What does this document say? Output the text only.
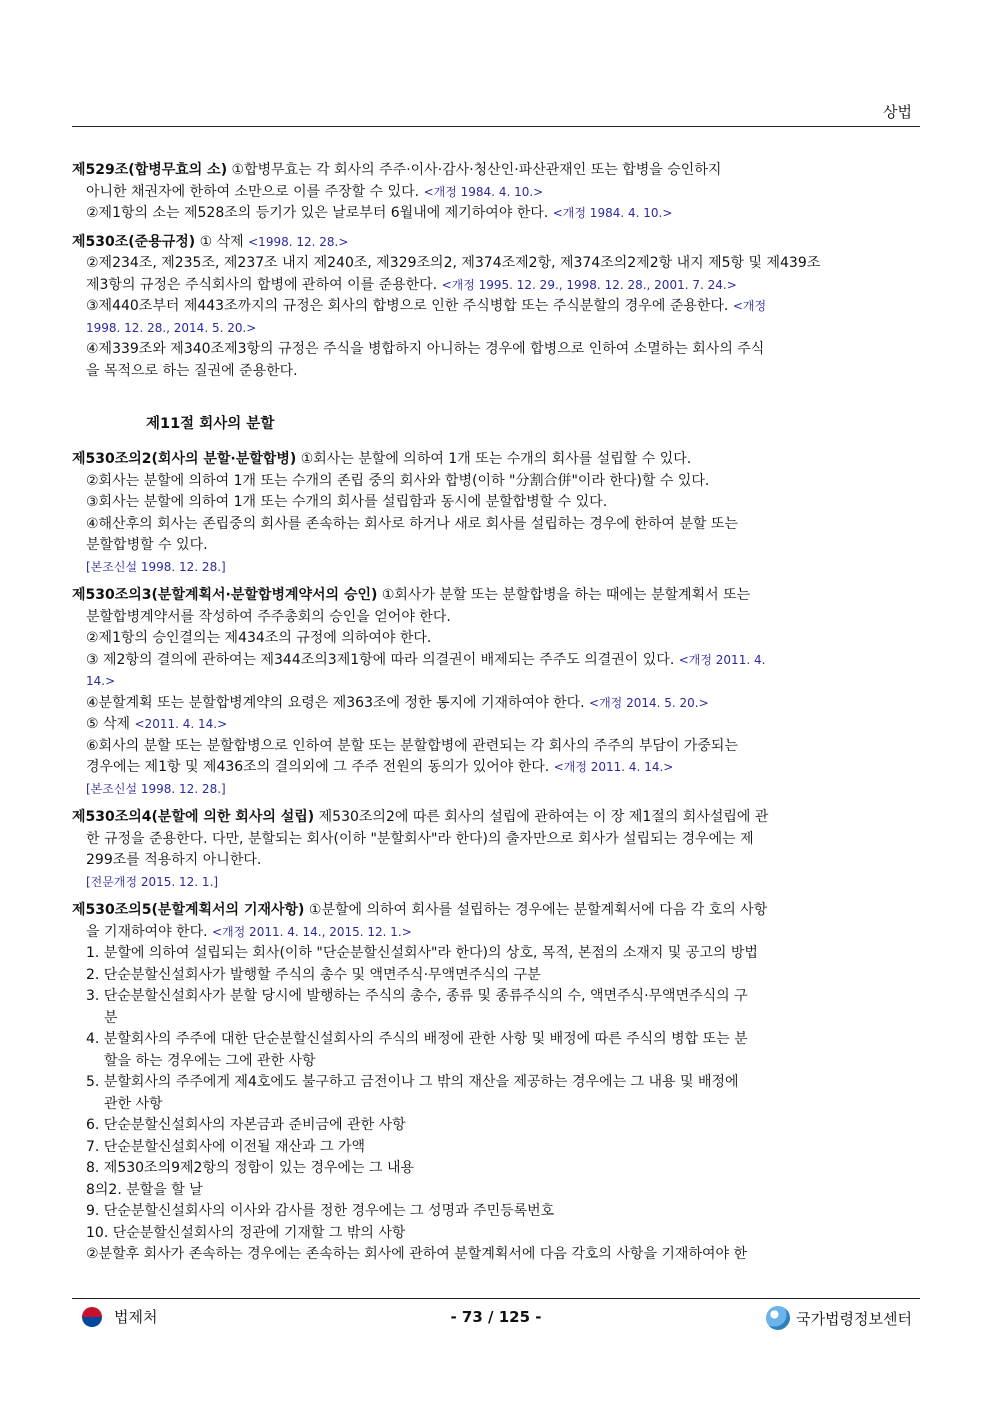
상법
제529조(합병무효의 소) ①합병무효는 각 회사의 주주·이사·감사·청산인·파산관재인 또는 합병을 승인하지
아니한 채권자에 한하여 소만으로 이를 주장할 수 있다. <개정 1984. 4. 10.>
②제1항의 소는 제528조의 등기가 있은 날로부터 6월내에 제기하여야 한다. <개정 1984. 4. 10.>
제530조(준용규정) ① 삭제 <1998. 12. 28.>
②제234조, 제235조, 제237조 내지 제240조, 제329조의2, 제374조제2항, 제374조의2제2항 내지 제5항 및 제439조
제3항의 규정은 주식회사의 합병에 관하여 이를 준용한다. <개정 1995. 12. 29., 1998. 12. 28., 2001. 7. 24.>
③제440조부터 제443조까지의 규정은 회사의 합병으로 인한 주식병합 또는 주식분할의 경우에 준용한다. <개정
1998. 12. 28., 2014. 5. 20.>
④제339조와 제340조제3항의 규정은 주식을 병합하지 아니하는 경우에 합병으로 인하여 소멸하는 회사의 주식
을 목적으로 하는 질권에 준용한다.
제11절 회사의 분할
제530조의2(회사의 분할·분할합병) ①회사는 분할에 의하여 1개 또는 수개의 회사를 설립할 수 있다.
②회사는 분할에 의하여 1개 또는 수개의 존립 중의 회사와 합병(이하 "分割合併"이라 한다)할 수 있다.
③회사는 분할에 의하여 1개 또는 수개의 회사를 설립함과 동시에 분할합병할 수 있다.
④해산후의 회사는 존립중의 회사를 존속하는 회사로 하거나 새로 회사를 설립하는 경우에 한하여 분할 또는
분할합병할 수 있다.
[본조신설 1998. 12. 28.]
제530조의3(분할계획서·분할합병계약서의 승인) ①회사가 분할 또는 분할합병을 하는 때에는 분할계획서 또는
분할합병계약서를 작성하여 주주총회의 승인을 얻어야 한다.
②제1항의 승인결의는 제434조의 규정에 의하여야 한다.
③ 제2항의 결의에 관하여는 제344조의3제1항에 따라 의결권이 배제되는 주주도 의결권이 있다. <개정 2011. 4.
14.>
④분할계획 또는 분할합병계약의 요령은 제363조에 정한 통지에 기재하여야 한다. <개정 2014. 5. 20.>
⑤ 삭제 <2011. 4. 14.>
⑥회사의 분할 또는 분할합병으로 인하여 분할 또는 분할합병에 관련되는 각 회사의 주주의 부담이 가중되는
경우에는 제1항 및 제436조의 결의외에 그 주주 전원의 동의가 있어야 한다. <개정 2011. 4. 14.>
[본조신설 1998. 12. 28.]
제530조의4(분할에 의한 회사의 설립) 제530조의2에 따른 회사의 설립에 관하여는 이 장 제1절의 회사설립에 관
한 규정을 준용한다. 다만, 분할되는 회사(이하 "분할회사"라 한다)의 출자만으로 회사가 설립되는 경우에는 제
299조를 적용하지 아니한다.
[전문개정 2015. 12. 1.]
제530조의5(분할계획서의 기재사항) ①분할에 의하여 회사를 설립하는 경우에는 분할계획서에 다음 각 호의 사항
을 기재하여야 한다. <개정 2011. 4. 14., 2015. 12. 1.>
1. 분할에 의하여 설립되는 회사(이하 "단순분할신설회사"라 한다)의 상호, 목적, 본점의 소재지 및 공고의 방법
2. 단순분할신설회사가 발행할 주식의 총수 및 액면주식·무액면주식의 구분
3. 단순분할신설회사가 분할 당시에 발행하는 주식의 총수, 종류 및 종류주식의 수, 액면주식·무액면주식의 구
분
4. 분할회사의 주주에 대한 단순분할신설회사의 주식의 배정에 관한 사항 및 배정에 따른 주식의 병합 또는 분
할을 하는 경우에는 그에 관한 사항
5. 분할회사의 주주에게 제4호에도 불구하고 금전이나 그 밖의 재산을 제공하는 경우에는 그 내용 및 배정에
관한 사항
6. 단순분할신설회사의 자본금과 준비금에 관한 사항
7. 단순분할신설회사에 이전될 재산과 그 가액
8. 제530조의9제2항의 정함이 있는 경우에는 그 내용
8의2. 분할을 할 날
9. 단순분할신설회사의 이사와 감사를 정한 경우에는 그 성명과 주민등록번호
10. 단순분할신설회사의 정관에 기재할 그 밖의 사항
②분할후 회사가 존속하는 경우에는 존속하는 회사에 관하여 분할계획서에 다음 각호의 사항을 기재하여야 한
법제처	- 73 / 125 -	국가법령정보센터
